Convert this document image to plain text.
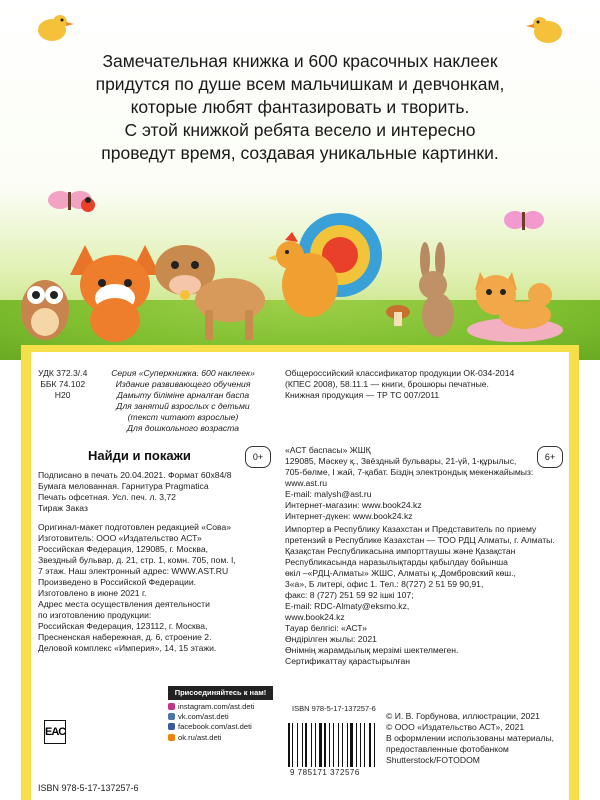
Замечательная книжка и 600 красочных наклеек
придутся по душе всем мальчишкам и девчонкам,
которые любят фантазировать и творить.
С этой книжкой ребята весело и интересно
проведут время, создавая уникальные картинки.

УДК 372.3/.4
ББК 74.102
Н20

Серия «Суперкнижка. 600 наклеек»
Издание развивающего обучения
Дамыту біліміне арналған баспа
Для занятий взрослых с детьми
(текст читают взрослые)
Для дошкольного возраста

Общероссийский классификатор продукции ОК-034-2014
(КПЕС 2008), 58.11.1 — книги, брошюры печатные.
Книжная продукция — ТР ТС 007/2011

Найди и покажи	0+	6+

Подписано в печать 20.04.2021. Формат 60x84/8
Бумага мелованная. Гарнитура Pragmatica
Печать офсетная. Усл. печ. л. 3,72
Тираж Заказ

Оригинал-макет подготовлен редакцией «Сова»
Изготовитель: ООО «Издательство АСТ»
Российская Федерация, 129085, г. Москва,
Звездный бульвар, д. 21, стр. 1, комн. 705, пом. I,
7 этаж. Наш электронный адрес: WWW.AST.RU
Произведено в Российской Федерации.
Изготовлено в июне 2021 г.
Адрес места осуществления деятельности
по изготовлению продукции:
Российская Федерация, 123112, г. Москва,
Пресненская набережная, д. 6, строение 2.
Деловой комплекс «Империя», 14, 15 этажи.

«АСТ баспасы» ЖШҚ
129085, Мәскеу қ., Звёздный бульвары, 21-үй, 1-құрылыс,
705-бөлме, I жай, 7-қабат. Біздің электрондық мекенжайымыз:
www.ast.ru
E-mail: malysh@ast.ru
Интернет-магазин: www.book24.kz
Интернет-дүкен: www.book24.kz

Импортер в Республику Казахстан и Представитель по приему
претензий в Республике Казахстан — ТОО РДЦ Алматы, г. Алматы.
Қазақстан Республикасына импорттаушы және Қазақстан
Республикасында наразылықтарды қабылдау бойынша
өкіл –«РДЦ-Алматы» ЖШС, Алматы қ.,Домбровский көш.,
3«а», Б литері, офис 1. Тел.: 8(727) 2 51 59 90,91,
факс: 8 (727) 251 59 92 ішкі 107;
E-mail: RDC-Almaty@eksmo.kz,
www.book24.kz
Тауар белгісі: «АСТ»
Өндірілген жылы: 2021
Өнімнің жарамдылық мерзімі шектелмеген.
Сертификаттау қарастырылған

Присоединяйтесь к нам!
instagram.com/ast.deti
vk.com/ast.deti
facebook.com/ast.deti
ok.ru/ast.deti

ISBN 978-5-17-137257-6

9 785171 372576

EAC

ISBN 978-5-17-137257-6

© И. В. Горбунова, иллюстрации, 2021
© ООО «Издательство АСТ», 2021
В оформлении использованы материалы,
предоставленные фотобанком
Shutterstock/FOTODOM
